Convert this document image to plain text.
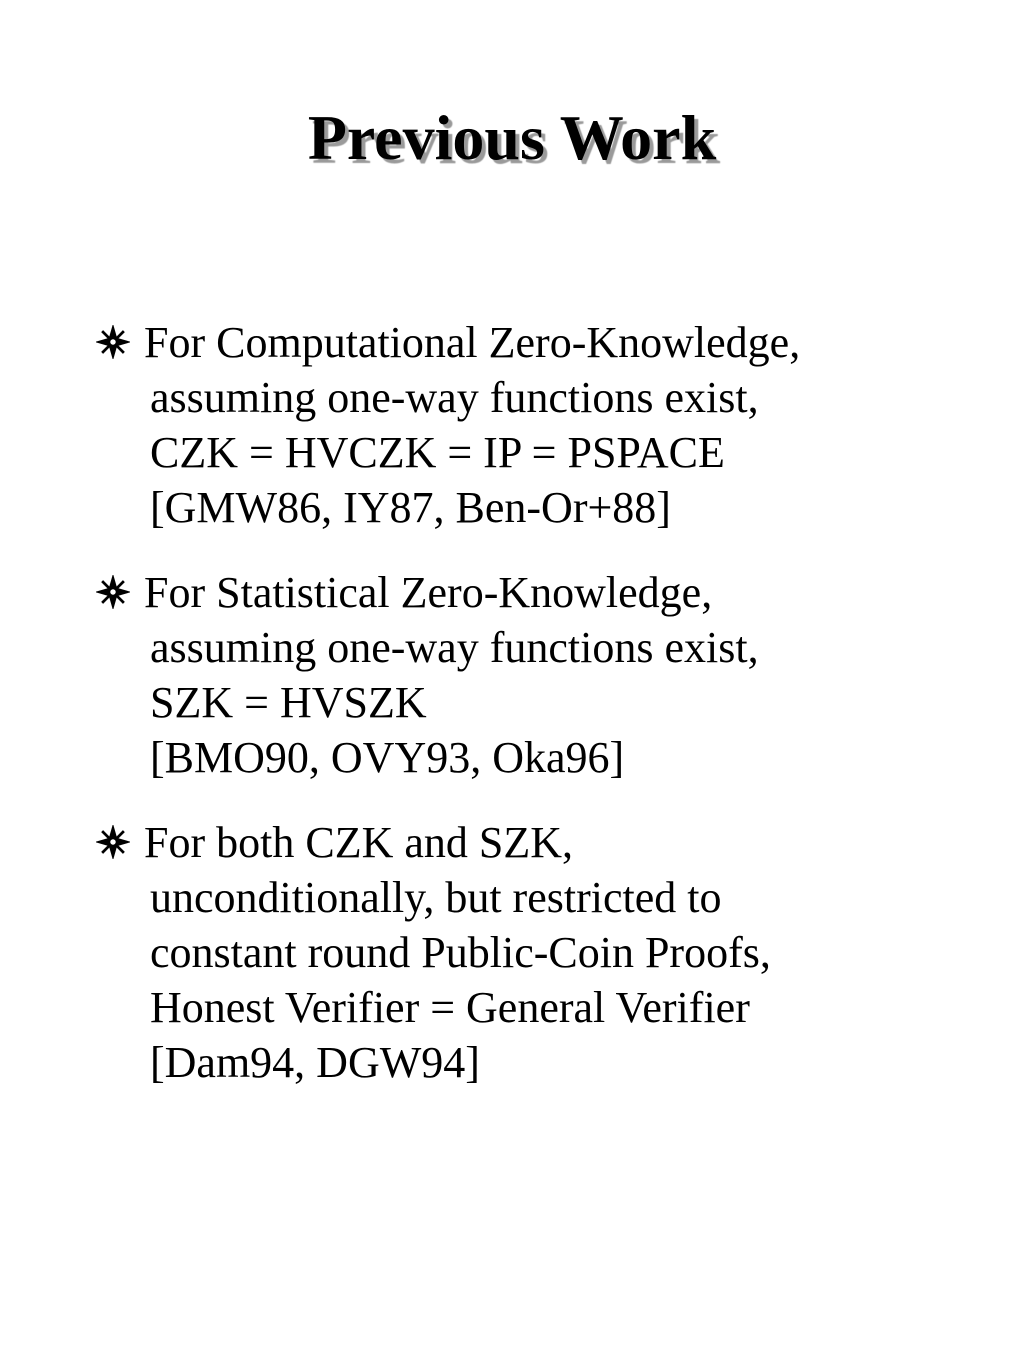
Previous Work
For Computational Zero-Knowledge,
assuming one-way functions exist,
CZK = HVCZK = IP = PSPACE
[GMW86, IY87, Ben-Or+88]
For Statistical Zero-Knowledge,
assuming one-way functions exist,
SZK = HVSZK
[BMO90, OVY93, Oka96]
For both CZK and SZK,
unconditionally, but restricted to
constant round Public-Coin Proofs,
Honest Verifier = General Verifier
[Dam94, DGW94]
